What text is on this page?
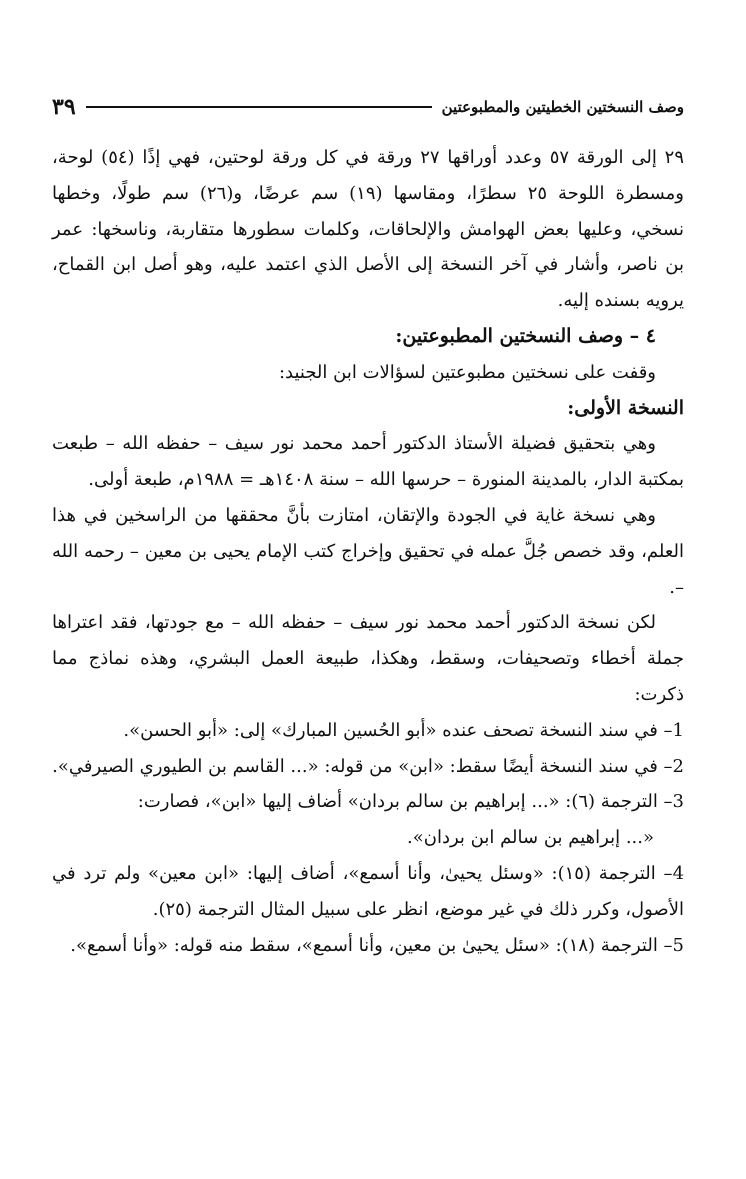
وصف النسختين الخطيتين والمطبوعتين
٣٩

٢٩ إلى الورقة ٥٧ وعدد أوراقها ٢٧ ورقة في كل ورقة لوحتين، فهي إذًا (٥٤) لوحة، ومسطرة اللوحة ٢٥ سطرًا، ومقاسها (١٩) سم عرضًا، و(٢٦) سم طولًا، وخطها نسخي، وعليها بعض الهوامش والإلحاقات، وكلمات سطورها متقاربة، وناسخها: عمر بن ناصر، وأشار في آخر النسخة إلى الأصل الذي اعتمد عليه، وهو أصل ابن القماح، يرويه بسنده إليه.

٤ – وصف النسختين المطبوعتين:

وقفت على نسختين مطبوعتين لسؤالات ابن الجنيد:

النسخة الأولى:

وهي بتحقيق فضيلة الأستاذ الدكتور أحمد محمد نور سيف – حفظه الله – طبعت بمكتبة الدار، بالمدينة المنورة – حرسها الله – سنة ١٤٠٨هـ = ١٩٨٨م، طبعة أولى.

وهي نسخة غاية في الجودة والإتقان، امتازت بأنَّ محققها من الراسخين في هذا العلم، وقد خصص جُلَّ عمله في تحقيق وإخراج كتب الإمام يحيى بن معين – رحمه الله –.

لكن نسخة الدكتور أحمد محمد نور سيف – حفظه الله – مع جودتها، فقد اعتراها جملة أخطاء وتصحيفات، وسقط، وهكذا، طبيعة العمل البشري، وهذه نماذج مما ذكرت:

1– في سند النسخة تصحف عنده «أبو الحُسين المبارك» إلى: «أبو الحسن».

2– في سند النسخة أيضًا سقط: «ابن» من قوله: «... القاسم بن الطيوري الصيرفي».

3– الترجمة (٦): «... إبراهيم بن سالم بردان» أضاف إليها «ابن»، فصارت:

«... إبراهيم بن سالم ابن بردان».

4– الترجمة (١٥): «وسئل يحيىٰ، وأنا أسمع»، أضاف إليها: «ابن معين» ولم ترد في الأصول، وكرر ذلك في غير موضع، انظر على سبيل المثال الترجمة (٢٥).

5– الترجمة (١٨): «سئل يحيىٰ بن معين، وأنا أسمع»، سقط منه قوله: «وأنا أسمع».
